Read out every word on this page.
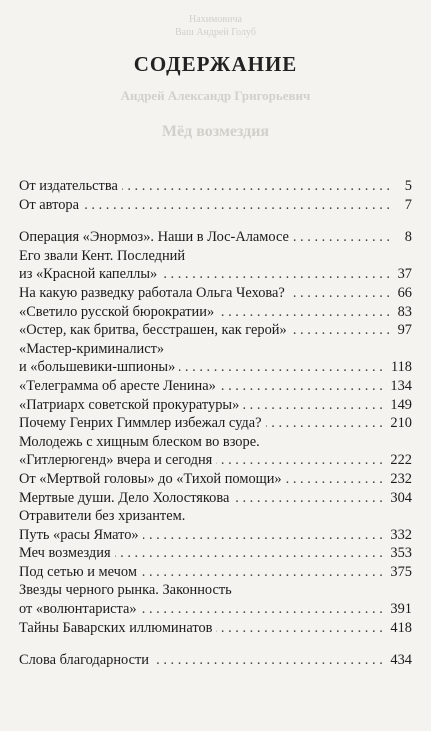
Нахимовича
Ваш Андрей Голуб
Андрей Александр Григорьевич
Мёд возмездия
СОДЕРЖАНИЕ
. . .
От издательства	5
. . .
От автора	7
. . .
Операция «Энормоз». Наши в Лос-Аламосе	8
Его звали Кент. Последний
. . .
из «Красной капеллы»	37
. . .
На какую разведку работала Ольга Чехова?	66
. . .
«Светило русской бюрократии»	83
. . .
«Остер, как бритва, бесстрашен, как герой»	97
«Мастер-криминалист»
. . .
и «большевики-шпионы»	118
. . .
«Телеграмма об аресте Ленина»	134
. . .
«Патриарх советской прокуратуры»	149
. . .
Почему Генрих Гиммлер избежал суда?	210
Молодежь с хищным блеском во взоре.
. . .
«Гитлерюгенд» вчера и сегодня	222
. . .
От «Мертвой головы» до «Тихой помощи»	232
. . .
Мертвые души. Дело Холостякова	304
Отравители без хризантем.
. . .
Путь «расы Ямато»	332
. . .
Меч возмездия	353
. . .
Под сетью и мечом	375
Звезды черного рынка. Законность
. . .
от «волюнтариста»	391
. . .
Тайны Баварских иллюминатов	418
. . .
Слова благодарности	434
